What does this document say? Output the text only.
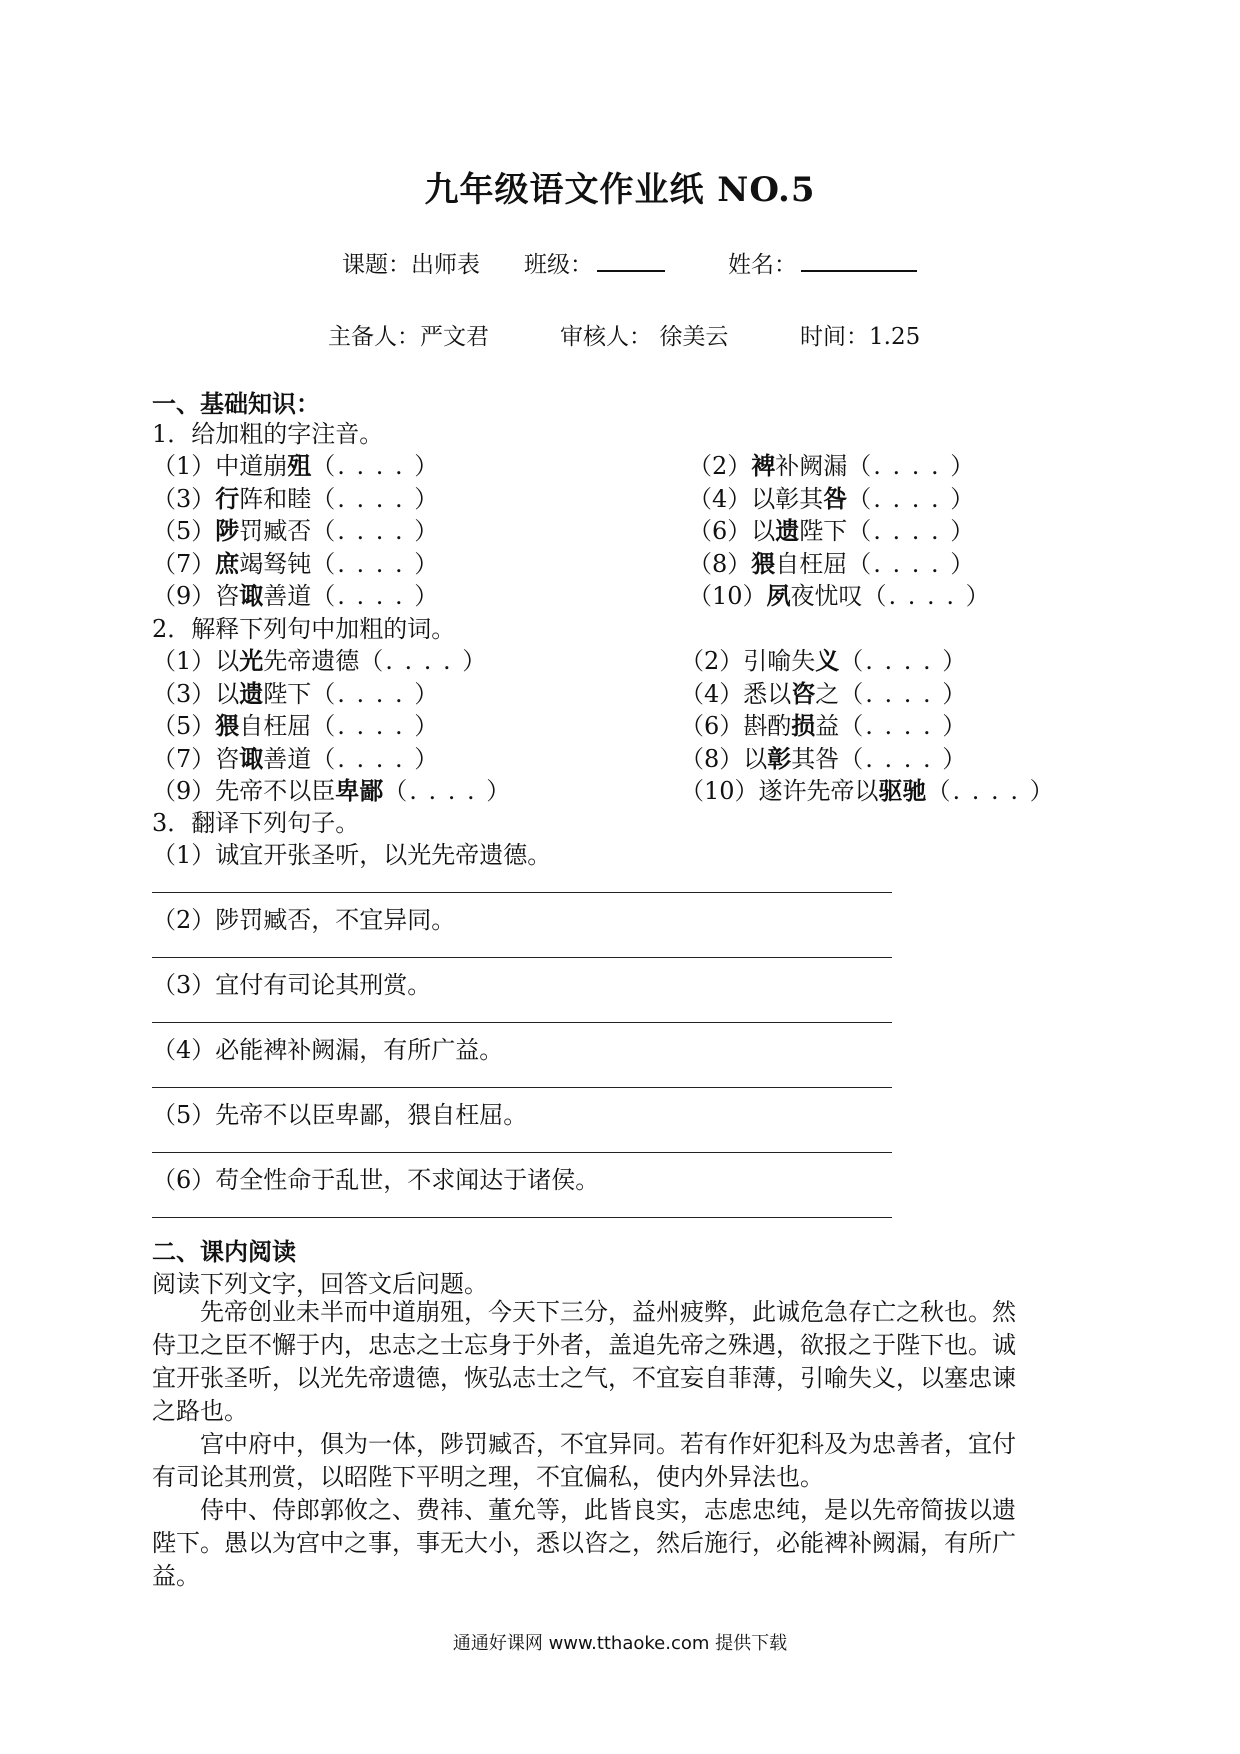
九年级语文作业纸 NO.5
课题：出师表 班级：	姓名：
主备人：严文君	审核人： 徐美云	时间：1.25
一、基础知识：
1．给加粗的字注音。
（1）中道崩殂（. . . . ）	（2）裨补阙漏（. . . . ）
（3）行阵和睦（. . . . ）	（4）以彰其咎（. . . . ）
（5）陟罚臧否（. . . . ）	（6）以遗陛下（. . . . ）
（7）庶竭驽钝（. . . . ）	（8）猥自枉屈（. . . . ）
（9）咨诹善道（. . . . ）	（10）夙夜忧叹（. . . . ）
2．解释下列句中加粗的词。
（1）以光先帝遗德（. . . . ）	（2）引喻失义（. . . . ）
（3）以遗陛下（. . . . ）	（4）悉以咨之（. . . . ）
（5）猥自枉屈（. . . . ）	（6）斟酌损益（. . . . ）
（7）咨诹善道（. . . . ）	（8）以彰其咎（. . . . ）
（9）先帝不以臣卑鄙（. . . . ）	（10）遂许先帝以驱驰（. . . . ）
3．翻译下列句子。
（1）诚宜开张圣听，以光先帝遗德。
（2）陟罚臧否，不宜异同。
（3）宜付有司论其刑赏。
（4）必能裨补阙漏，有所广益。
（5）先帝不以臣卑鄙，猥自枉屈。
（6）苟全性命于乱世，不求闻达于诸侯。
二、课内阅读
阅读下列文字，回答文后问题。
先帝创业未半而中道崩殂，今天下三分，益州疲弊，此诚危急存亡之秋也。然侍卫之臣不懈于内，忠志之士忘身于外者，盖追先帝之殊遇，欲报之于陛下也。诚宜开张圣听，以光先帝遗德，恢弘志士之气，不宜妄自菲薄，引喻失义，以塞忠谏之路也。
宫中府中，俱为一体，陟罚臧否，不宜异同。若有作奸犯科及为忠善者，宜付有司论其刑赏，以昭陛下平明之理，不宜偏私，使内外异法也。
侍中、侍郎郭攸之、费祎、董允等，此皆良实，志虑忠纯，是以先帝简拔以遗陛下。愚以为宫中之事，事无大小，悉以咨之，然后施行，必能裨补阙漏，有所广益。
通通好课网 www.tthaoke.com 提供下载
